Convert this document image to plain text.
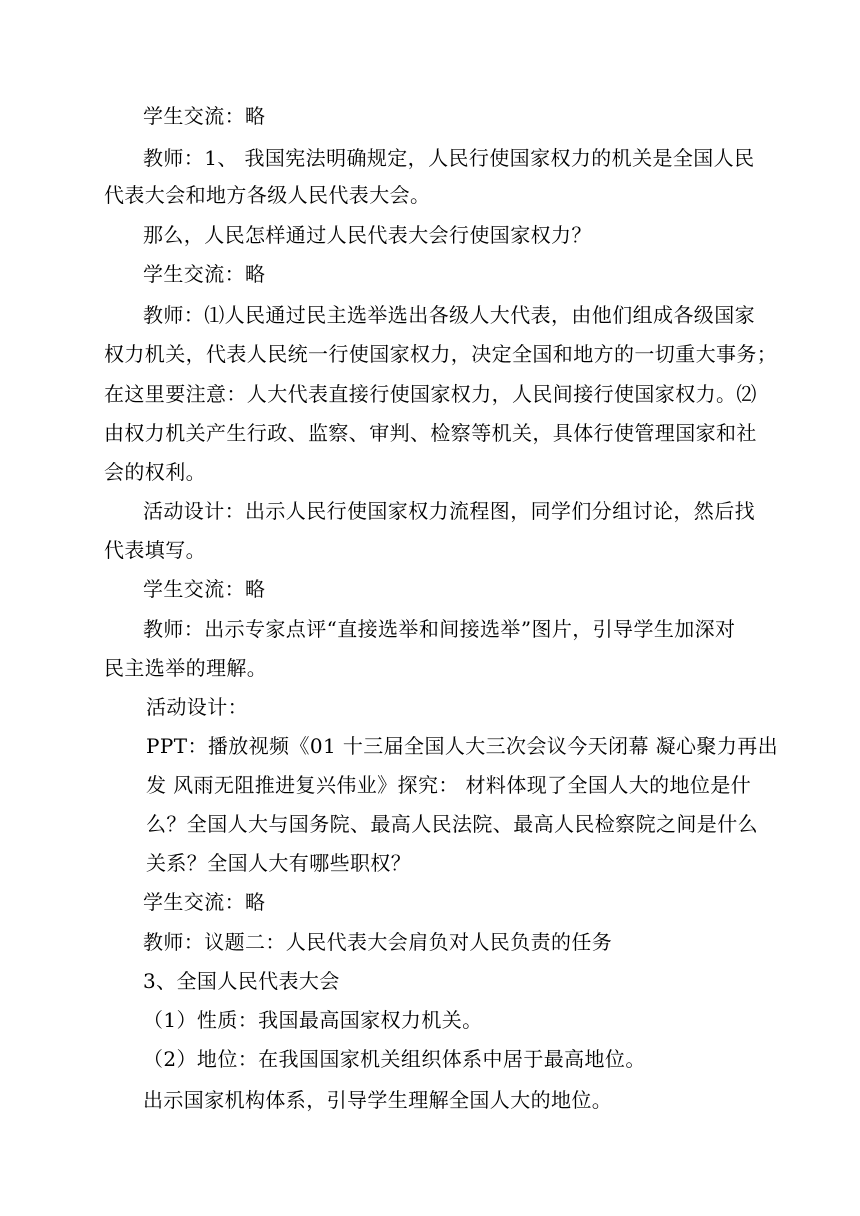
学生交流：略
教师：1、 我国宪法明确规定，人民行使国家权力的机关是全国人民
代表大会和地方各级人民代表大会。
那么，人民怎样通过人民代表大会行使国家权力？
学生交流：略
教师：⑴人民通过民主选举选出各级人大代表，由他们组成各级国家
权力机关，代表人民统一行使国家权力，决定全国和地方的一切重大事务；
在这里要注意：人大代表直接行使国家权力，人民间接行使国家权力。⑵
由权力机关产生行政、监察、审判、检察等机关，具体行使管理国家和社
会的权利。
活动设计：出示人民行使国家权力流程图，同学们分组讨论，然后找
代表填写。
学生交流：略
教师：出示专家点评“直接选举和间接选举”图片，引导学生加深对
民主选举的理解。
活动设计：
PPT：播放视频《01 十三届全国人大三次会议今天闭幕 凝心聚力再出
发 风雨无阻推进复兴伟业》探究： 材料体现了全国人大的地位是什
么？全国人大与国务院、最高人民法院、最高人民检察院之间是什么
关系？全国人大有哪些职权？
学生交流：略
教师：议题二：人民代表大会肩负对人民负责的任务
3、全国人民代表大会
（1）性质：我国最高国家权力机关。
（2）地位：在我国国家机关组织体系中居于最高地位。
出示国家机构体系，引导学生理解全国人大的地位。
